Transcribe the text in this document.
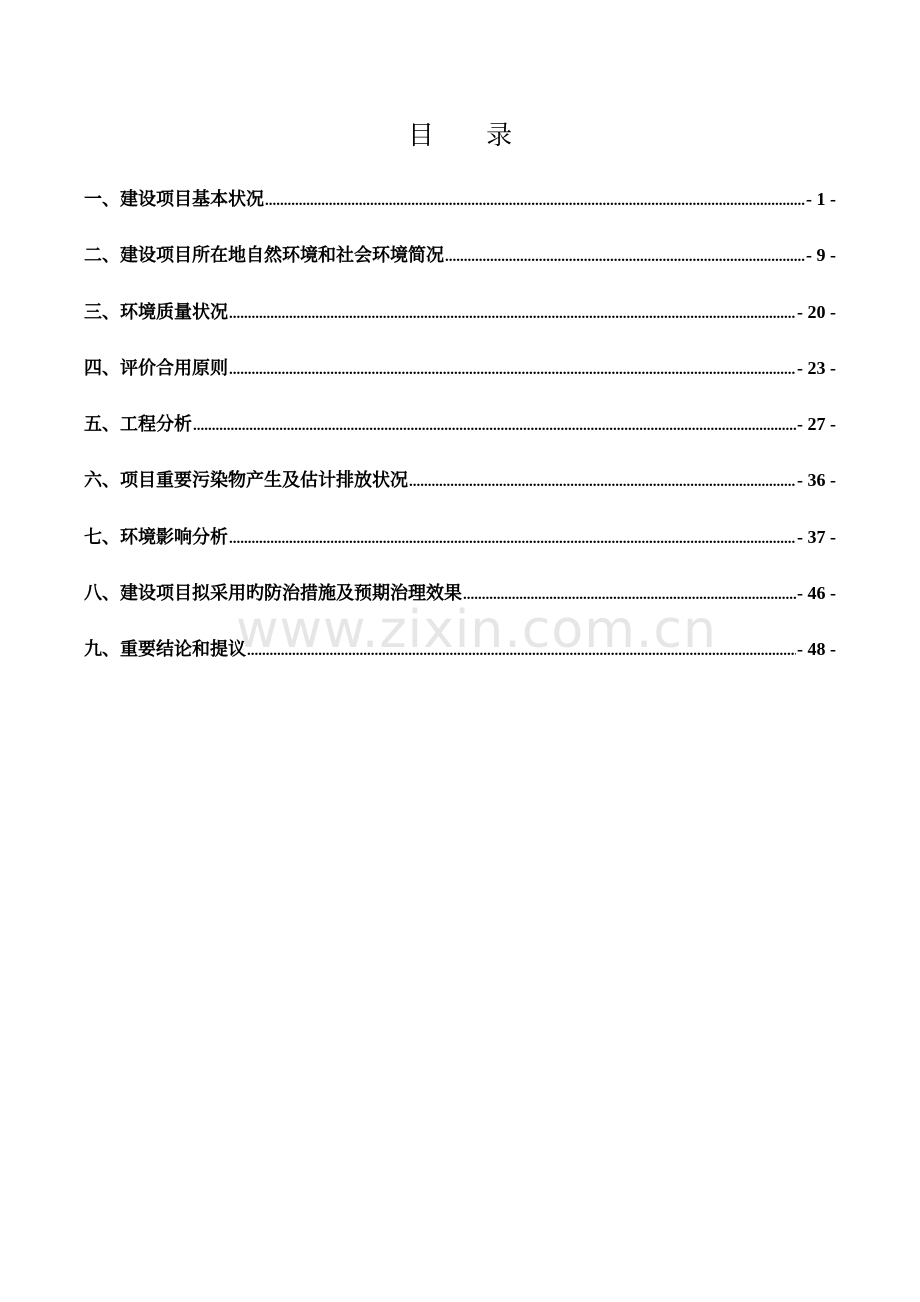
www.zixin.com.cn
目 录
一、建设项目基本状况 .....	- 1 -
二、建设项目所在地自然环境和社会环境简况 .....	- 9 -
三、环境质量状况 .....	- 20 -
四、评价合用原则 .....	- 23 -
五、工程分析 .....	- 27 -
六、项目重要污染物产生及估计排放状况 .....	- 36 -
七、环境影响分析 .....	- 37 -
八、建设项目拟采用旳防治措施及预期治理效果 .....	- 46 -
九、重要结论和提议 .....	- 48 -
